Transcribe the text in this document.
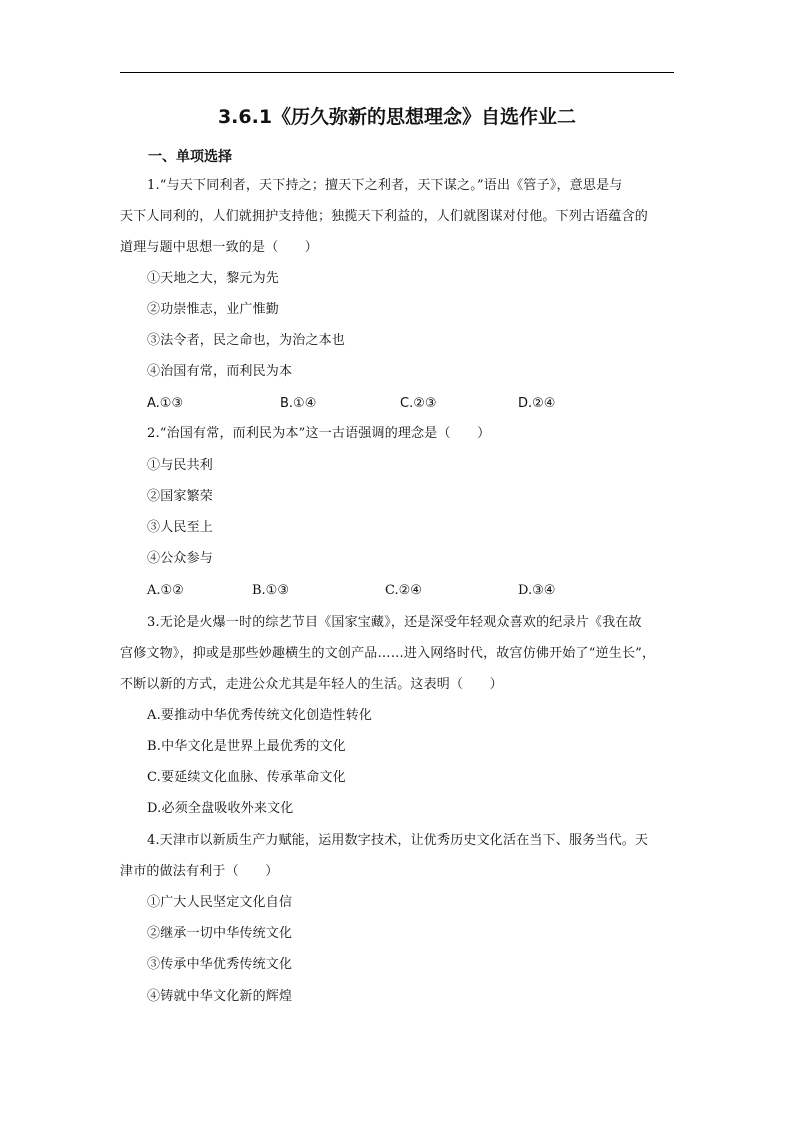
3.6.1《历久弥新的思想理念》自选作业二
一、单项选择
1.“与天下同利者，天下持之；擅天下之利者，天下谋之。”语出《管子》，意思是与
天下人同利的，人们就拥护支持他；独揽天下利益的，人们就图谋对付他。下列古语蕴含的
道理与题中思想一致的是（　　）
①天地之大，黎元为先
②功崇惟志，业广惟勤
③法令者，民之命也，为治之本也
④治国有常，而利民为本
A.①③	B.①④	C.②③	D.②④
2.“治国有常，而利民为本”这一古语强调的理念是（　　）
①与民共利
②国家繁荣
③人民至上
④公众参与
A.①②	B.①③	C.②④	D.③④
3.无论是火爆一时的综艺节目《国家宝藏》，还是深受年轻观众喜欢的纪录片《我在故
宫修文物》，抑或是那些妙趣横生的文创产品……进入网络时代，故宫仿佛开始了“逆生长”，
不断以新的方式，走进公众尤其是年轻人的生活。这表明（　　）
A.要推动中华优秀传统文化创造性转化
B.中华文化是世界上最优秀的文化
C.要延续文化血脉、传承革命文化
D.必须全盘吸收外来文化
4.天津市以新质生产力赋能，运用数字技术，让优秀历史文化活在当下、服务当代。天
津市的做法有利于（　　）
①广大人民坚定文化自信
②继承一切中华传统文化
③传承中华优秀传统文化
④铸就中华文化新的辉煌
